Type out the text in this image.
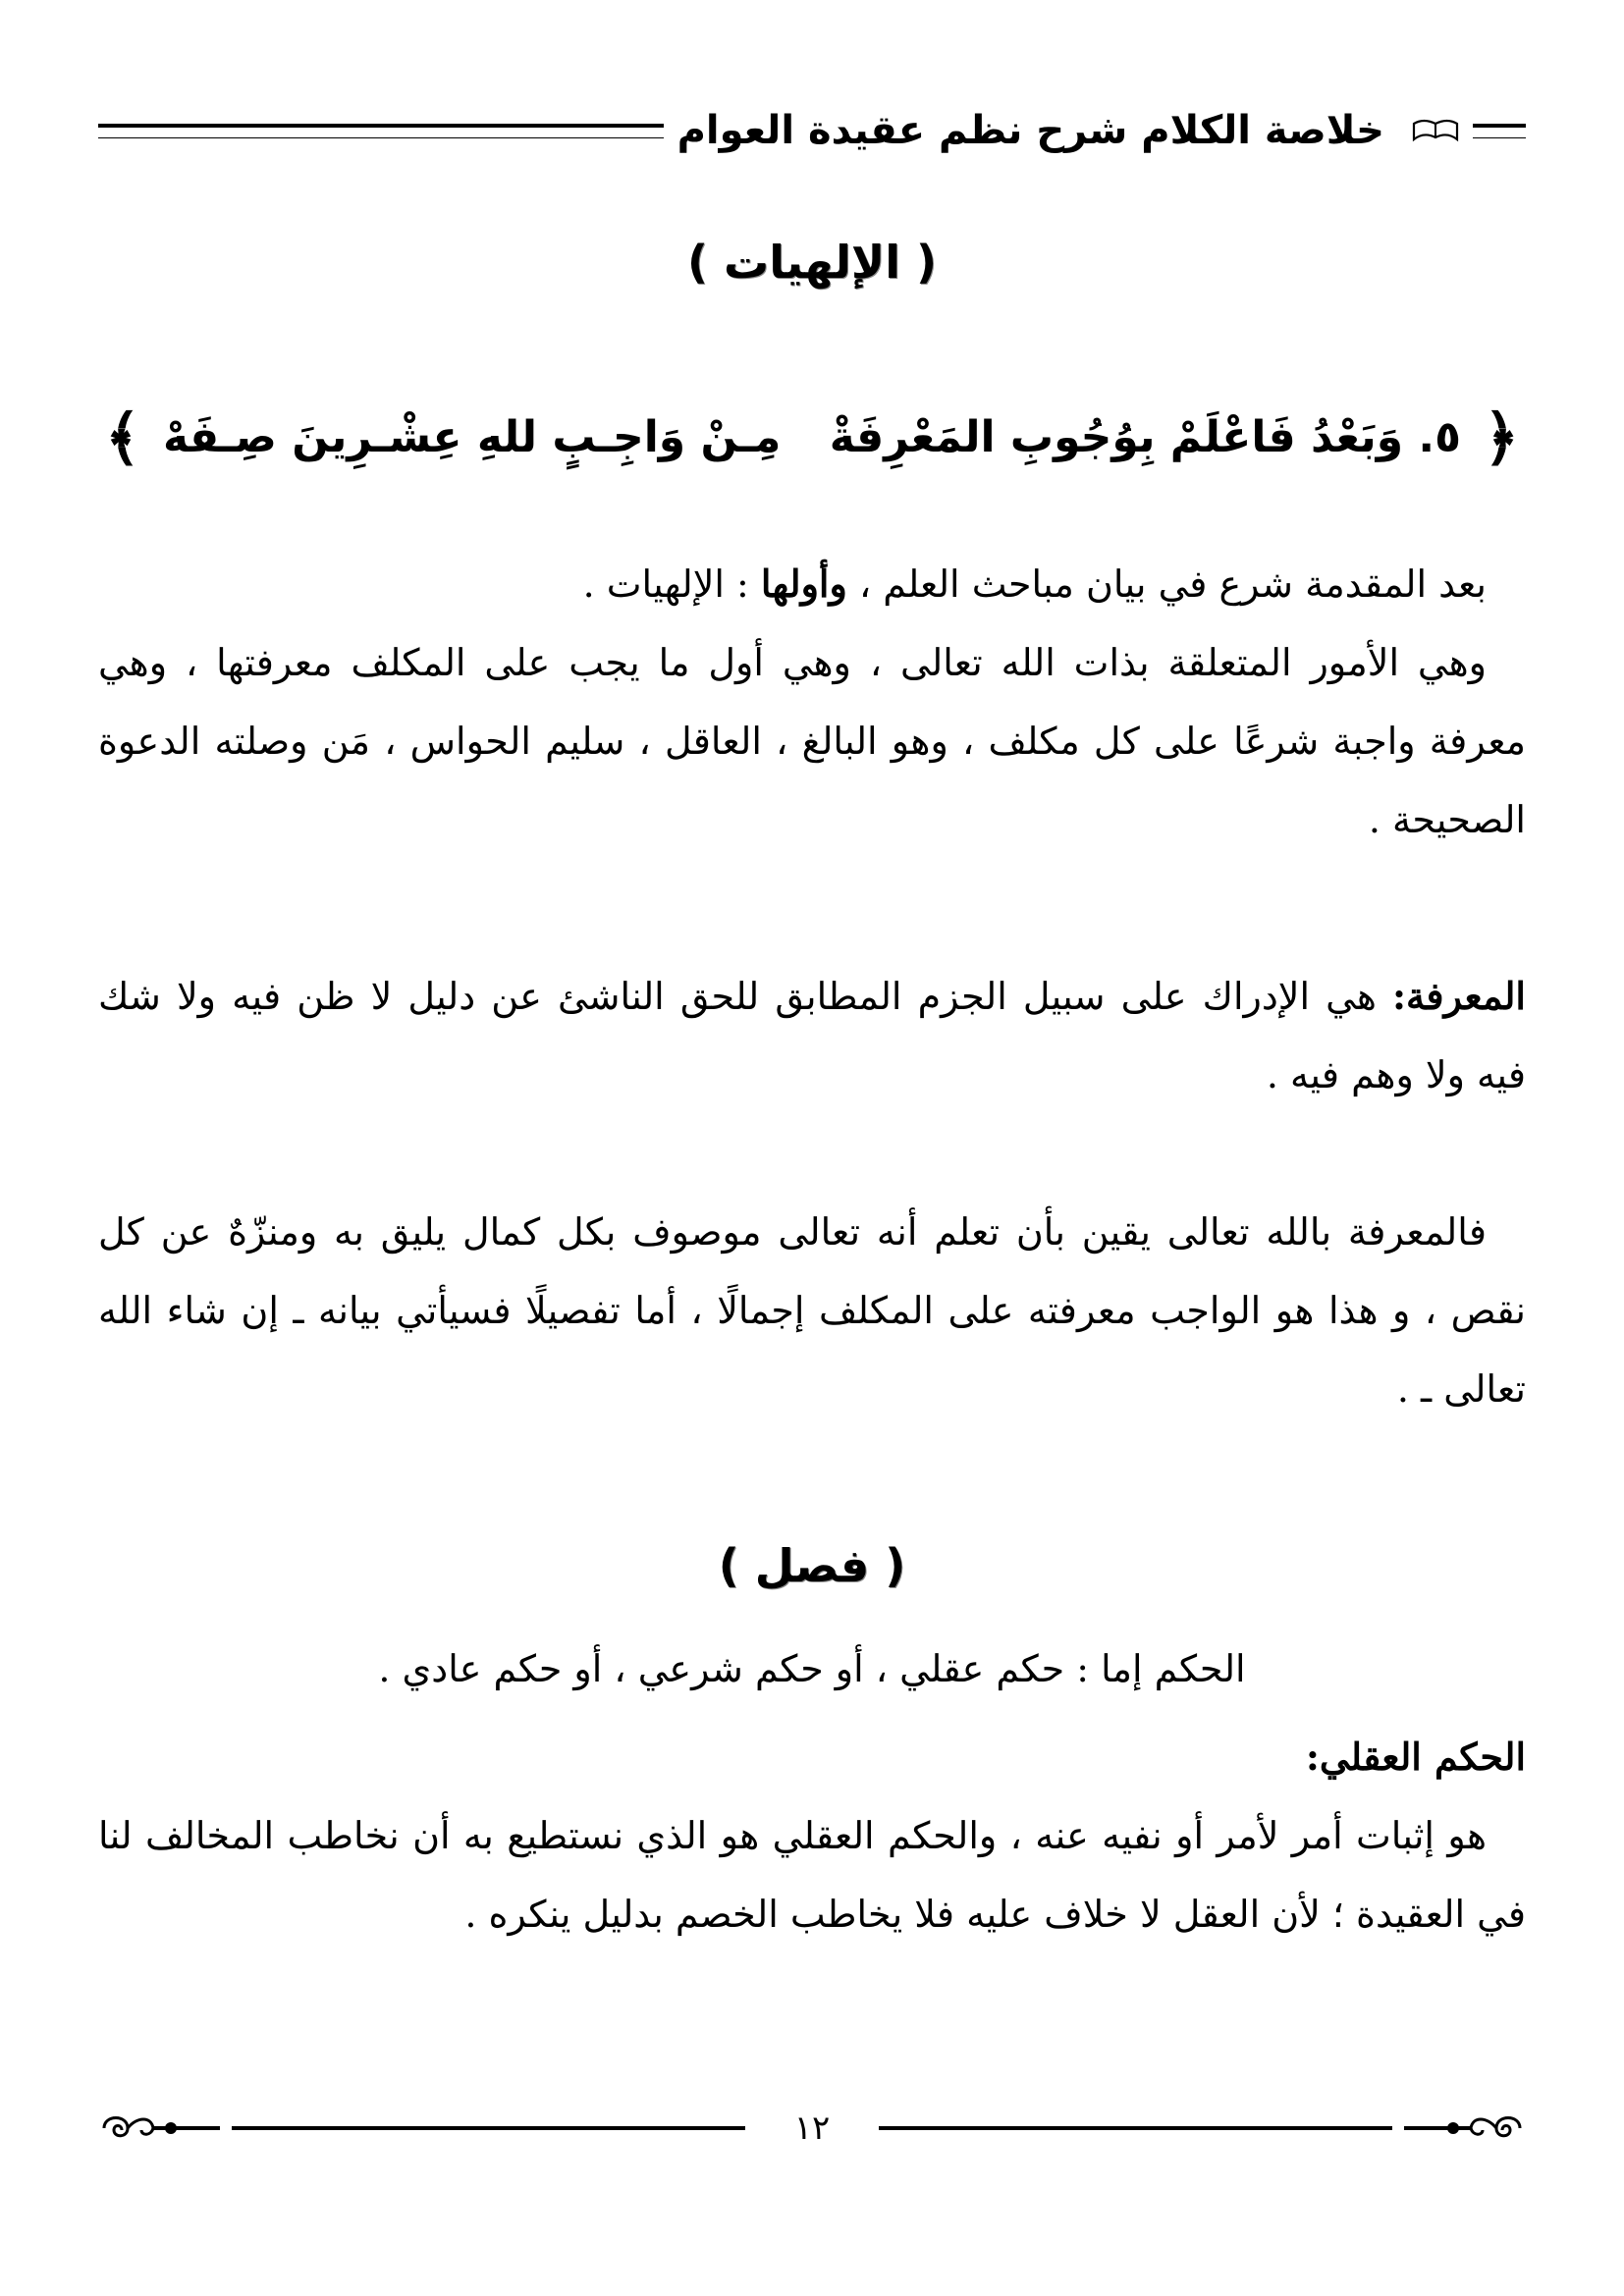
خلاصة الكلام شرح نظم عقيدة العوام
( الإلهيات )
﴿
٥. وَبَعْدُ فَاعْلَمْ بِوُجُوبِ المَعْرِفَةْ
مِـنْ وَاجِـبٍ للهِ عِشْـرِينَ صِـفَهْ
﴾

بعد المقدمة شرع في بيان مباحث العلم ، وأولها : الإلهيات .

وهي الأمور المتعلقة بذات الله تعالى ، وهي أول ما يجب على المكلف معرفتها ، وهي معرفة واجبة شرعًا على كل مكلف ، وهو البالغ ، العاقل ، سليم الحواس ، مَن وصلته الدعوة الصحيحة .

المعرفة: هي الإدراك على سبيل الجزم المطابق للحق الناشئ عن دليل لا ظن فيه ولا شك فيه ولا وهم فيه .

فالمعرفة بالله تعالى يقين بأن تعلم أنه تعالى موصوف بكل كمال يليق به ومنزّهٌ عن كل نقص ، و هذا هو الواجب معرفته على المكلف إجمالًا ، أما تفصيلًا فسيأتي بيانه ـ إن شاء الله تعالى ـ .

( فصل )

الحكم إما : حكم عقلي ، أو حكم شرعي ، أو حكم عادي .

الحكم العقلي:

هو إثبات أمر لأمر أو نفيه عنه ، والحكم العقلي هو الذي نستطيع به أن نخاطب المخالف لنا في العقيدة ؛ لأن العقل لا خلاف عليه فلا يخاطب الخصم بدليل ينكره .

١٢
